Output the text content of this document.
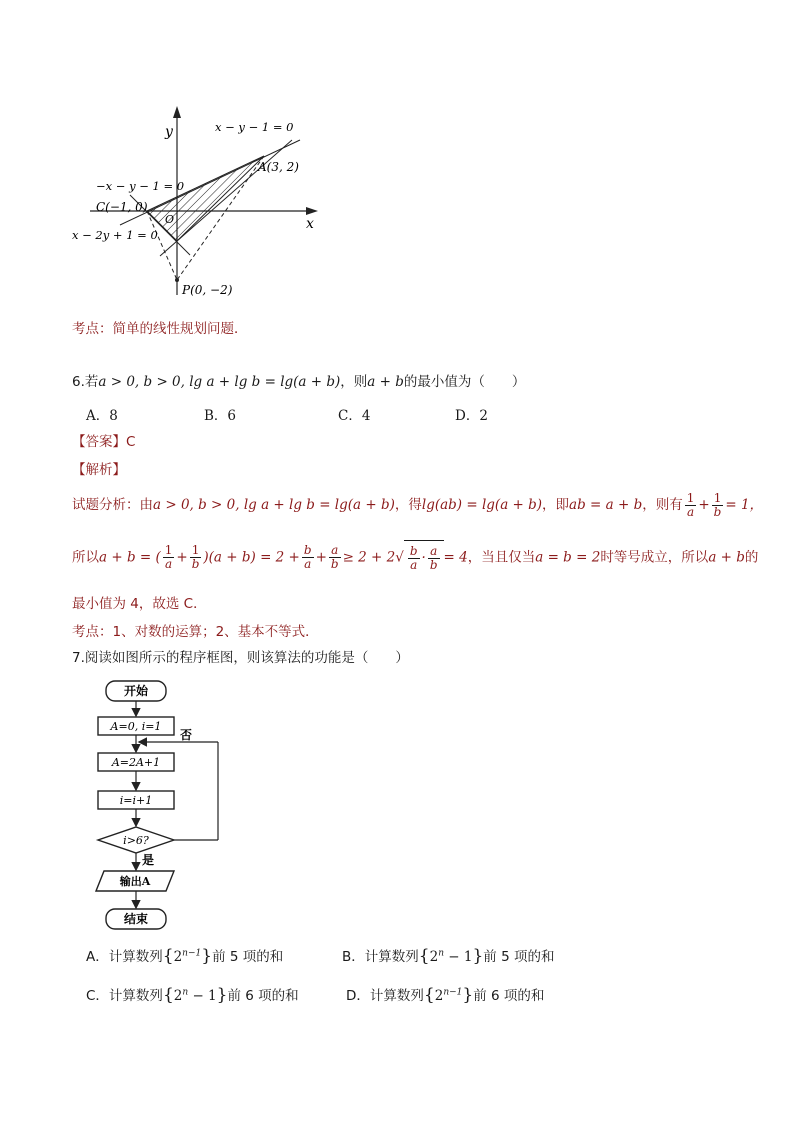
y
x
x − y − 1 = 0
−x − y − 1 = 0
x − 2y + 1 = 0
A(3, 2)
C(−1, 0)
P(0, −2)
O
考点：简单的线性规划问题．
6.若a > 0, b > 0, lg a + lg b = lg(a + b)，则a + b的最小值为（　　）
A．8	B．6	C．4	D．2
【答案】C
【解析】
试题分析：由a > 0, b > 0, lg a + lg b = lg(a + b)，得lg(ab) = lg(a + b)，即ab = a + b，则有 $\frac{1}{a} + \frac{1}{b} = 1$，
所以a + b = ( $\frac{1}{a} + \frac{1}{b} )(a + b) = 2 + \frac{b}{a} + \frac{a}{b} \ge 2 + 2√ \frac{b}{a} \cdot \frac{a}{b} = 4$，当且仅当a = b = 2时等号成立，所以a + b的
最小值为 4，故选 C．
考点：1、对数的运算；2、基本不等式．
7.阅读如图所示的程序框图，则该算法的功能是（　　）
开始
A=0, i=1
否
A=2A+1
i=i+1
i>6?
是
输出A
结束
A．计算数列$\{2^{n-1}\}$前 5 项的和	B．计算数列$\{2^n - 1\}$前 5 项的和
C．计算数列$\{2^n - 1\}$前 6 项的和	D．计算数列$\{2^{n-1}\}$前 6 项的和
